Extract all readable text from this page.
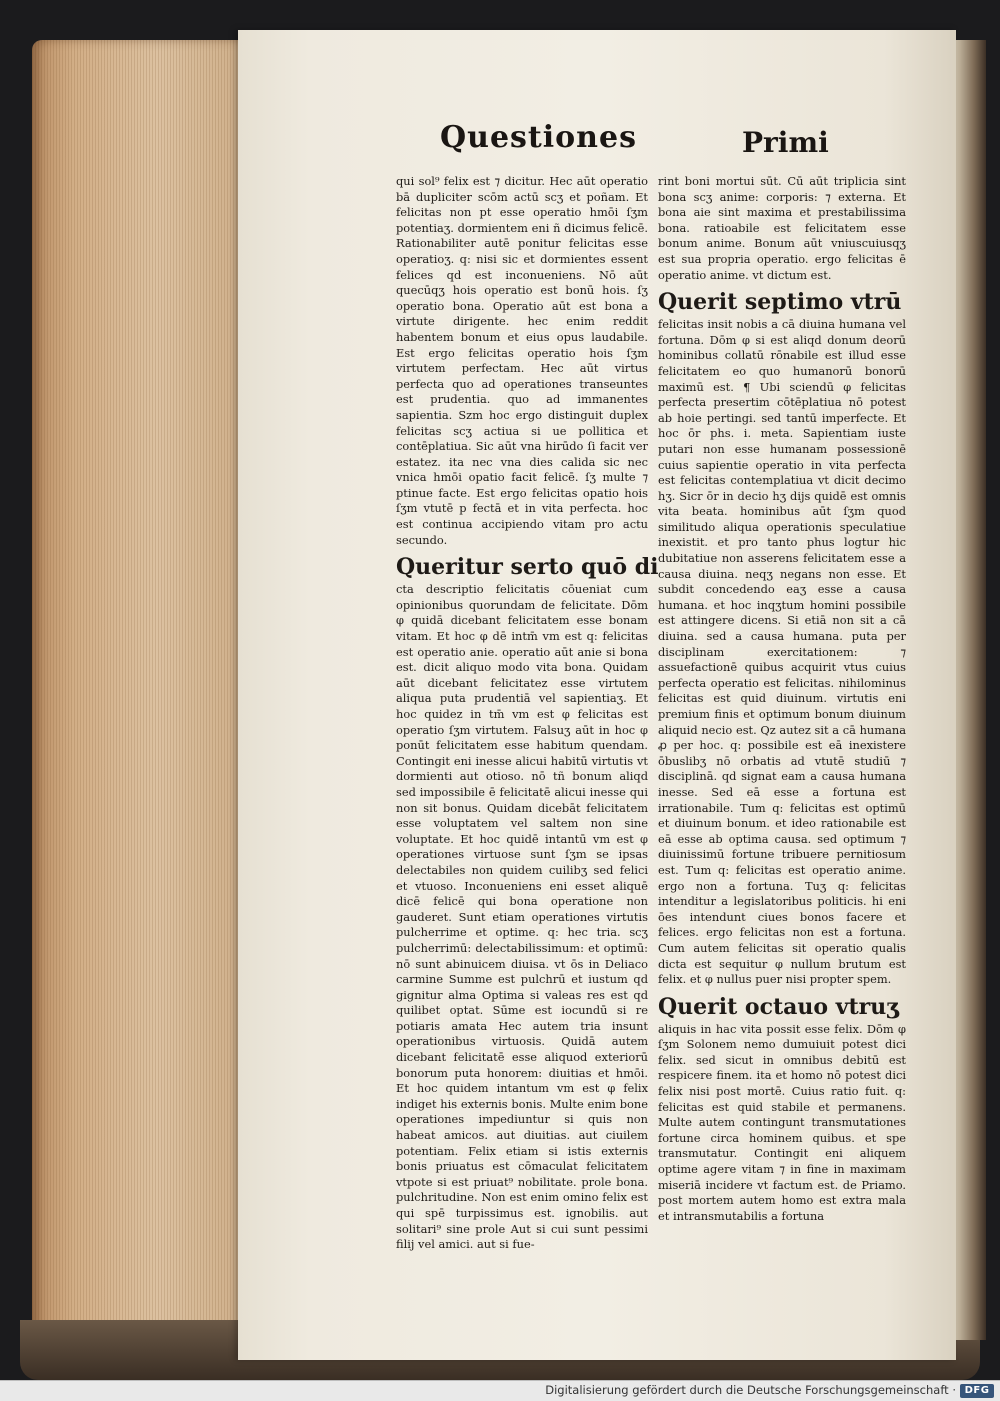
Questiones	Primi

qui sol⁹ felix est ⁊ dicitur. Hec aūt operatio bā dupliciter scōm actū scʒ et poñam. Et felicitas non pt esse operatio hmōi ſʒm potentiaʒ. dormientem eni ñ dicimus felicē. Rationabiliter autē ponitur felicitas esse operatioʒ. q: nisi sic et dormientes essent felices qd est inconueniens. Nō aūt quecūqʒ hois operatio est bonū hois. ſʒ operatio bona. Operatio aūt est bona a virtute dirigente. hec enim reddit habentem bonum et eius opus laudabile. Est ergo felicitas operatio hois ſʒm virtutem perfectam. Hec aūt virtus perfecta quo ad operationes transeuntes est prudentia. quo ad immanentes sapientia. Szm hoc ergo distinguit duplex felicitas scʒ actiua si ue pollitica et contēplatiua. Sic aūt vna hirūdo ſi facit ver estatez. ita nec vna dies calida sic nec vnica hmōi opatio facit felicē. ſʒ multe ⁊ ptinue facte. Est ergo felicitas opatio hois ſʒm vtutē p fectā et in vita perfecta. hoc est continua accipiendo vitam pro actu secundo.

Queritur serto quō di

cta descriptio felicitatis cōueniat cum opinionibus quorundam de felicitate. Dōm φ quidā dicebant felicitatem esse bonam vitam. Et hoc φ dē intm̄ vm est q: felicitas est operatio anie. operatio aūt anie si bona est. dicit aliquo modo vita bona. Quidam aūt dicebant felicitatez esse virtutem aliqua puta prudentiā vel sapientiaʒ. Et hoc quidez in tm̄ vm est φ felicitas est operatio ſʒm virtutem. Falsuʒ aūt in hoc φ ponūt felicitatem esse habitum quendam. Contingit eni inesse alicui habitū virtutis vt dormienti aut otioso. nō tñ bonum aliqd sed impossibile ē felicitatē alicui inesse qui non sit bonus. Quidam dicebāt felicitatem esse voluptatem vel saltem non sine voluptate. Et hoc quidē intantū vm est φ operationes virtuose sunt ſʒm se ipsas delectabiles non quidem cuilibʒ sed felici et vtuoso. Inconueniens eni esset aliquē dicē felicē qui bona operatione non gauderet. Sunt etiam operationes virtutis pulcherrime et optime. q: hec tria. scʒ pulcherrimū: delectabilissimum: et optimū: nō sunt abinuicem diuisa. vt ōs in Deliaco carmine Summe est pulchrū et iustum qd gignitur alma Optima si valeas res est qd quilibet optat. Sūme est iocundū si re potiaris amata Hec autem tria insunt operationibus virtuosis. Quidā autem dicebant felicitatē esse aliquod exteriorū bonorum puta honorem: diuitias et hmōi. Et hoc quidem intantum vm est φ felix indiget his externis bonis. Multe enim bone operationes impediuntur si quis non habeat amicos. aut diuitias. aut ciuilem potentiam. Felix etiam si istis externis bonis priuatus est cōmaculat felicitatem vtpote si est priuat⁹ nobilitate. prole bona. pulchritudine. Non est enim omino felix est qui spē turpissimus est. ignobilis. aut solitari⁹ sine prole Aut si cui sunt pessimi filij vel amici. aut si fue-

rint boni mortui sūt. Cū aūt triplicia sint bona scʒ anime: corporis: ⁊ externa. Et bona aie sint maxima et prestabilissima bona. ratioabile est felicitatem esse bonum anime. Bonum aūt vniuscuiusqʒ est sua propria operatio. ergo felicitas ē operatio anime. vt dictum est.

Querit septimo vtrū

felicitas insit nobis a cā diuina humana vel fortuna. Dōm φ si est aliqd donum deorū hominibus collatū rōnabile est illud esse felicitatem eo quo humanorū bonorū maximū est. ¶ Ubi sciendū φ felicitas perfecta presertim cōtēplatiua nō potest ab hoie pertingi. sed tantū imperfecte. Et hoc ōr phs. i. meta. Sapientiam iuste putari non esse humanam possessionē cuius sapientie operatio in vita perfecta est felicitas contemplatiua vt dicit decimo hʒ. Sicr ōr in decio hʒ dijs quidē est omnis vita beata. hominibus aūt ſʒm quod similitudo aliqua operationis speculatiue inexistit. et pro tanto phus logtur hic dubitatiue non asserens felicitatem esse a causa diuina. neqʒ negans non esse. Et subdit concedendo eaʒ esse a causa humana. et hoc inqʒtum homini possibile est attingere dicens. Si etiā non sit a cā diuina. sed a causa humana. puta per disciplinam exercitationem: ⁊ assuefactionē quibus acquirit vtus cuius perfecta operatio est felicitas. nihilominus felicitas est quid diuinum. virtutis eni premium finis et optimum bonum diuinum aliquid necio est. Qz autez sit a cā humana ꝓ per hoc. q: possibile est eā inexistere ōbuslibʒ nō orbatis ad vtutē studiū ⁊ disciplinā. qd signat eam a causa humana inesse. Sed eā esse a fortuna est irrationabile. Tum q: felicitas est optimū et diuinum bonum. et ideo rationabile est eā esse ab optima causa. sed optimum ⁊ diuinissimū fortune tribuere pernitiosum est. Tum q: felicitas est operatio anime. ergo non a fortuna. Tuʒ q: felicitas intenditur a legislatoribus politicis. hi eni ōes intendunt ciues bonos facere et felices. ergo felicitas non est a fortuna. Cum autem felicitas sit operatio qualis dicta est sequitur φ nullum brutum est felix. et φ nullus puer nisi propter spem.

Querit octauo vtruʒ

aliquis in hac vita possit esse felix. Dōm φ ſʒm Solonem nemo dumuiuit potest dici felix. sed sicut in omnibus debitū est respicere finem. ita et homo nō potest dici felix nisi post mortē. Cuius ratio fuit. q: felicitas est quid stabile et permanens. Multe autem contingunt transmutationes fortune circa hominem quibus. et spe transmutatur. Contingit eni aliquem optime agere vitam ⁊ in fine in maximam miseriā incidere vt factum est. de Priamo. post mortem autem homo est extra mala et intransmutabilis a fortuna

Digitalisierung gefördert durch die Deutsche Forschungsgemeinschaft · DFG
